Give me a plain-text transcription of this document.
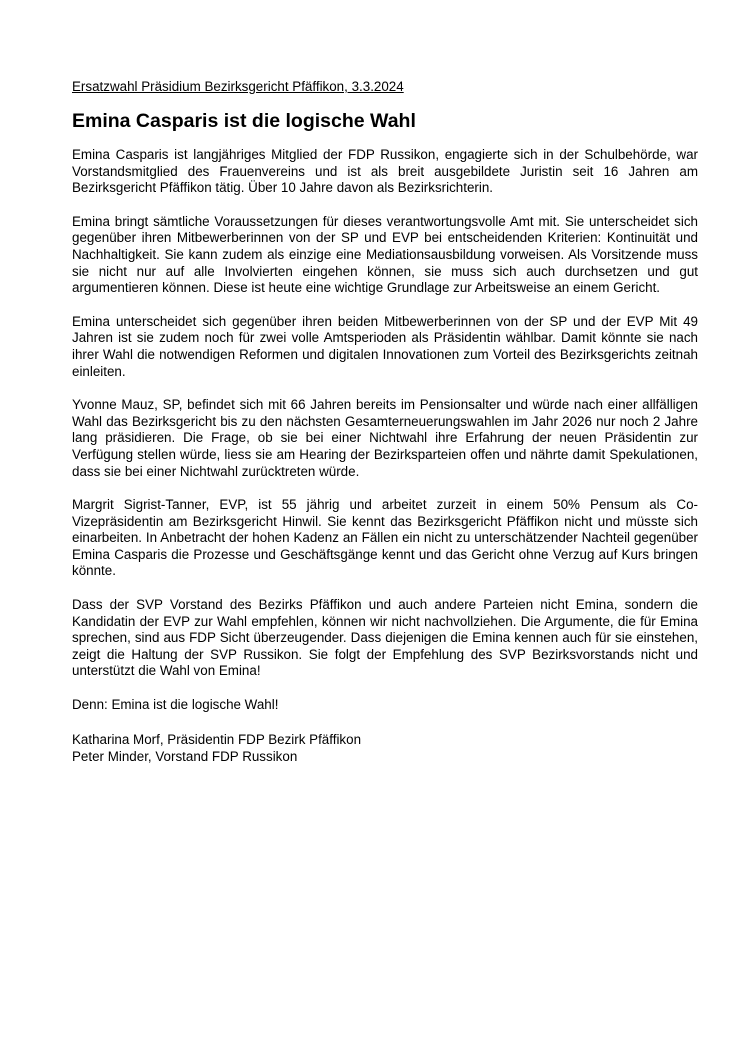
Ersatzwahl Präsidium Bezirksgericht Pfäffikon, 3.3.2024
Emina Casparis ist die logische Wahl

Emina Casparis ist langjähriges Mitglied der FDP Russikon, engagierte sich in der Schulbehörde, war Vorstandsmitglied des Frauenvereins und ist als breit ausgebildete Juristin seit 16 Jahren am Bezirksgericht Pfäffikon tätig. Über 10 Jahre davon als Bezirksrichterin.

Emina bringt sämtliche Voraussetzungen für dieses verantwortungsvolle Amt mit. Sie unterscheidet sich gegenüber ihren Mitbewerberinnen von der SP und EVP bei entscheidenden Kriterien: Kontinuität und Nachhaltigkeit. Sie kann zudem als einzige eine Mediationsausbildung vorweisen. Als Vorsitzende muss sie nicht nur auf alle Involvierten eingehen können, sie muss sich auch durchsetzen und gut argumentieren können. Diese ist heute eine wichtige Grundlage zur Arbeitsweise an einem Gericht.

Emina unterscheidet sich gegenüber ihren beiden Mitbewerberinnen von der SP und der EVP Mit 49 Jahren ist sie zudem noch für zwei volle Amtsperioden als Präsidentin wählbar. Damit könnte sie nach ihrer Wahl die notwendigen Reformen und digitalen Innovationen zum Vorteil des Bezirksgerichts zeitnah einleiten.

Yvonne Mauz, SP, befindet sich mit 66 Jahren bereits im Pensionsalter und würde nach einer allfälligen Wahl das Bezirksgericht bis zu den nächsten Gesamterneuerungswahlen im Jahr 2026 nur noch 2 Jahre lang präsidieren. Die Frage, ob sie bei einer Nichtwahl ihre Erfahrung der neuen Präsidentin zur Verfügung stellen würde, liess sie am Hearing der Bezirksparteien offen und nährte damit Spekulationen, dass sie bei einer Nichtwahl zurücktreten würde.

Margrit Sigrist-Tanner, EVP, ist 55 jährig und arbeitet zurzeit in einem 50% Pensum als Co-Vizepräsidentin am Bezirksgericht Hinwil. Sie kennt das Bezirksgericht Pfäffikon nicht und müsste sich einarbeiten. In Anbetracht der hohen Kadenz an Fällen ein nicht zu unterschätzender Nachteil gegenüber Emina Casparis die Prozesse und Geschäftsgänge kennt und das Gericht ohne Verzug auf Kurs bringen könnte.

Dass der SVP Vorstand des Bezirks Pfäffikon und auch andere Parteien nicht Emina, sondern die Kandidatin der EVP zur Wahl empfehlen, können wir nicht nachvollziehen. Die Argumente, die für Emina sprechen, sind aus FDP Sicht überzeugender. Dass diejenigen die Emina kennen auch für sie einstehen, zeigt die Haltung der SVP Russikon. Sie folgt der Empfehlung des SVP Bezirksvorstands nicht und unterstützt die Wahl von Emina!

Denn: Emina ist die logische Wahl!

Katharina Morf, Präsidentin FDP Bezirk Pfäffikon
Peter Minder, Vorstand FDP Russikon
